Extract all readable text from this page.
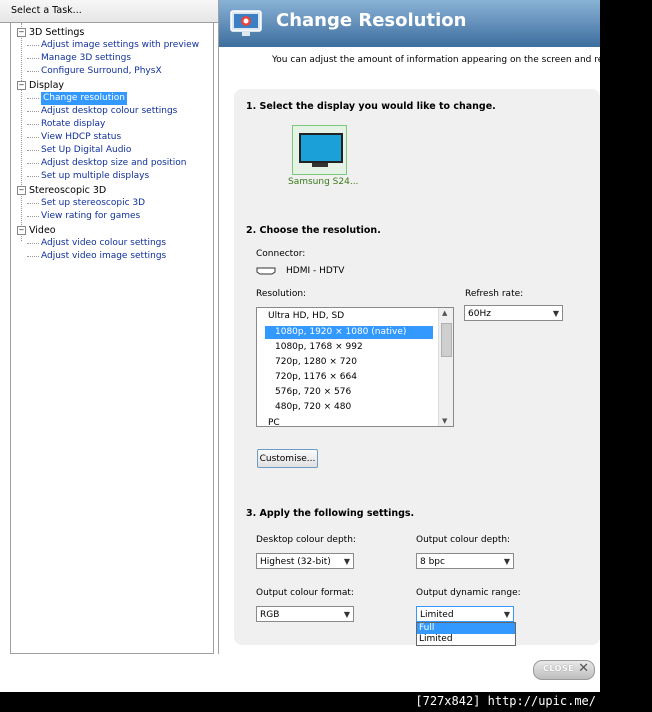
Select a Task...
− 3D Settings
Adjust image settings with preview
Manage 3D settings
Configure Surround, PhysX
− Display
Change resolution
Adjust desktop colour settings
Rotate display
View HDCP status
Set Up Digital Audio
Adjust desktop size and position
Set up multiple displays
− Stereoscopic 3D
Set up stereoscopic 3D
View rating for games
− Video
Adjust video colour settings
Adjust video image settings
Change Resolution
You can adjust the amount of information appearing on the screen and reduce flicke
1. Select the display you would like to change.
Samsung S24...
2. Choose the resolution.
Connector:
HDMI - HDTV
Resolution:	Refresh rate:
60Hz	▼
Ultra HD, HD, SD
1080p, 1920 × 1080 (native)
1080p, 1768 × 992
720p, 1280 × 720
720p, 1176 × 664
576p, 720 × 576
480p, 720 × 480
PC
▲
▼
Customise...
3. Apply the following settings.
Desktop colour depth:
Highest (32-bit) ▼
Output colour depth:
8 bpc	▼
Output colour format:
RGB	▼
Output dynamic range:
Limited	▼
Full
Limited
CLOSE ✕
[727x842] http://upic.me/
